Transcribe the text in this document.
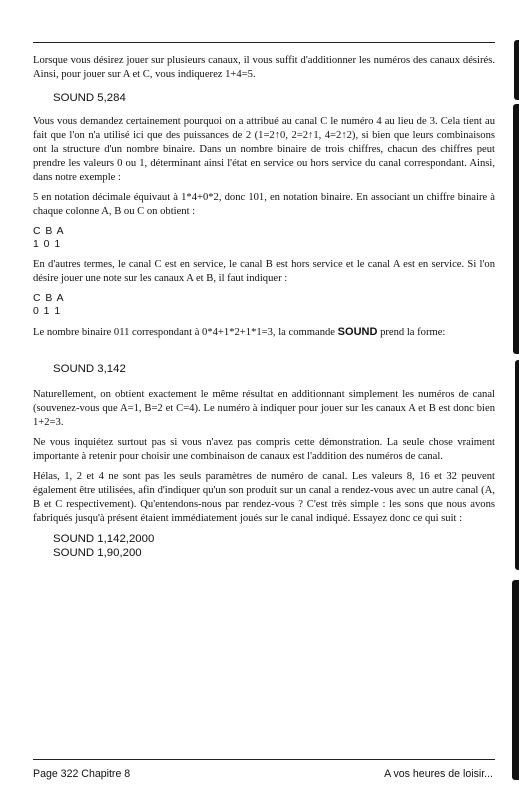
Lorsque vous désirez jouer sur plusieurs canaux, il vous suffit d'additionner les numéros des canaux désirés. Ainsi, pour jouer sur A et C, vous indiquerez 1+4=5.

SOUND 5,284

Vous vous demandez certainement pourquoi on a attribué au canal C le numéro 4 au lieu de 3. Cela tient au fait que l'on n'a utilisé ici que des puissances de 2 (1=2↑0, 2=2↑1, 4=2↑2), si bien que leurs combinaisons ont la structure d'un nombre binaire. Dans un nombre binaire de trois chiffres, chacun des chiffres peut prendre les valeurs 0 ou 1, déterminant ainsi l'état en service ou hors service du canal correspondant. Ainsi, dans notre exemple :

5 en notation décimale équivaut à 1*4+0*2, donc 101, en notation binaire. En associant un chiffre binaire à chaque colonne A, B ou C on obtient :

C B A

1 0 1

En d'autres termes, le canal C est en service, le canal B est hors service et le canal A est en service. Si l'on désire jouer une note sur les canaux A et B, il faut indiquer :

C B A

0 1 1

Le nombre binaire 011 correspondant à 0*4+1*2+1*1=3, la commande SOUND prend la forme:

SOUND 3,142

Naturellement, on obtient exactement le même résultat en additionnant simplement les numéros de canal (souvenez-vous que A=1, B=2 et C=4). Le numéro à indiquer pour jouer sur les canaux A et B est donc bien 1+2=3.

Ne vous inquiétez surtout pas si vous n'avez pas compris cette démonstration. La seule chose vraiment importante à retenir pour choisir une combinaison de canaux est l'addition des numéros de canal.

Hélas, 1, 2 et 4 ne sont pas les seuls paramètres de numéro de canal. Les valeurs 8, 16 et 32 peuvent également être utilisées, afin d'indiquer qu'un son produit sur un canal a rendez-vous avec un autre canal (A, B et C respectivement). Qu'entendons-nous par rendez-vous ? C'est très simple : les sons que nous avons fabriqués jusqu'à présent étaient immédiatement joués sur le canal indiqué. Essayez donc ce qui suit :

SOUND 1,142,2000

SOUND 1,90,200

Page 322 Chapitre 8	A vos heures de loisir...
